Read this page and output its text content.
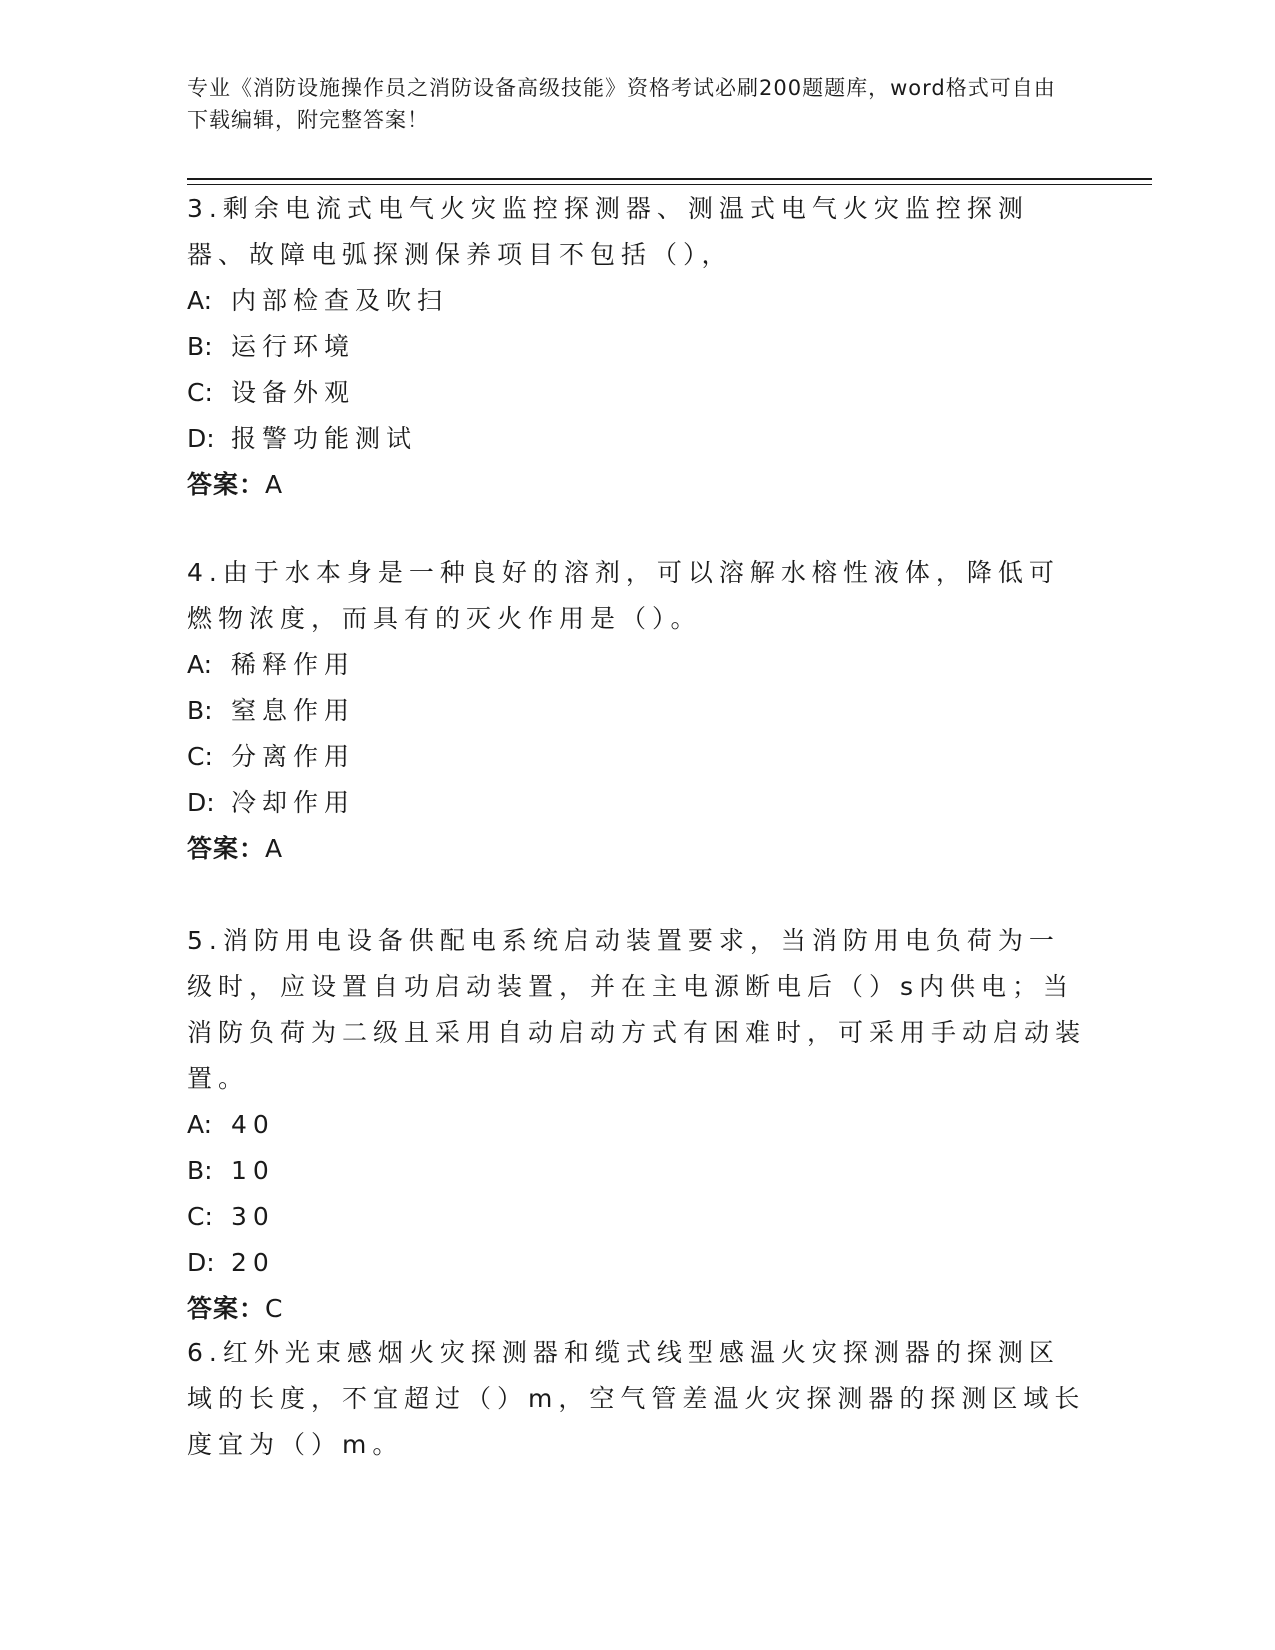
专业《消防设施操作员之消防设备高级技能》资格考试必刷200题题库，word格式可自由下载编辑，附完整答案！
3.剩余电流式电气火灾监控探测器、测温式电气火灾监控探测器、故障电弧探测保养项目不包括（），
A: 内部检查及吹扫
B: 运行环境
C: 设备外观
D: 报警功能测试
答案：A
4.由于水本身是一种良好的溶剂，可以溶解水榕性液体，降低可燃物浓度，而具有的灭火作用是（）。
A: 稀释作用
B: 窒息作用
C: 分离作用
D: 冷却作用
答案：A
5.消防用电设备供配电系统启动装置要求，当消防用电负荷为一级时，应设置自功启动装置，并在主电源断电后（）s内供电；当消防负荷为二级且采用自动启动方式有困难时，可采用手动启动装置。
A: 40
B: 10
C: 30
D: 20
答案：C
6.红外光束感烟火灾探测器和缆式线型感温火灾探测器的探测区域的长度，不宜超过（）m，空气管差温火灾探测器的探测区域长度宜为（）m。
